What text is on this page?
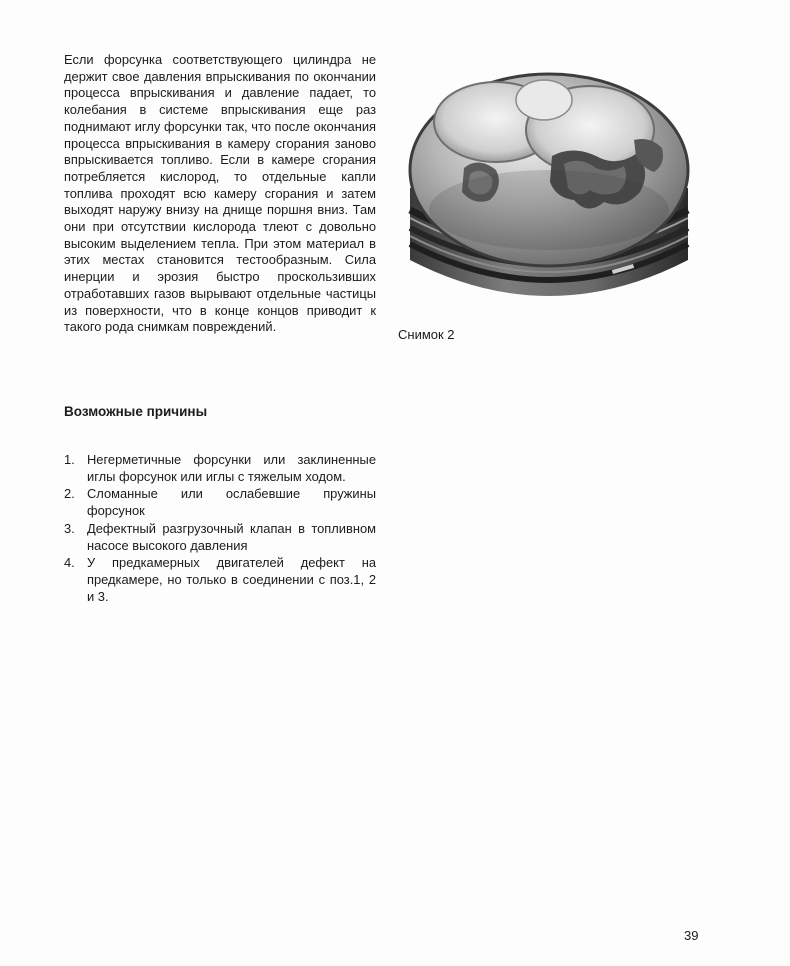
Если форсунка соответствующего цилиндра не держит свое давления впрыскивания по окончании процесса впрыскивания и давление падает, то колебания в системе впрыскивания еще раз поднимают иглу форсунки так, что после окончания процесса впрыскивания в камеру сгорания заново впрыскивается топливо. Если в камере сгорания потребляется кислород, то отдельные капли топлива проходят всю камеру сгорания и затем выходят наружу внизу на днище поршня вниз. Там они при отсутствии кислорода тлеют с довольно высоким выделением тепла. При этом материал в этих местах становится тестообразным. Сила инерции и эрозия быстро проскользивших отработавших газов вырывают отдельные частицы из поверхности, что в конце концов приводит к такого рода снимкам повреждений.

Возможные причины
1. Негерметичные форсунки или заклиненные иглы форсунок или иглы с тяжелым ходом.
2. Сломанные или ослабевшие пружины форсунок
3. Дефектный разгрузочный клапан в топливном насосе высокого давления
4. У предкамерных двигателей дефект на предкамере, но только в соединении с поз.1, 2 и 3.

Снимок 2

39
